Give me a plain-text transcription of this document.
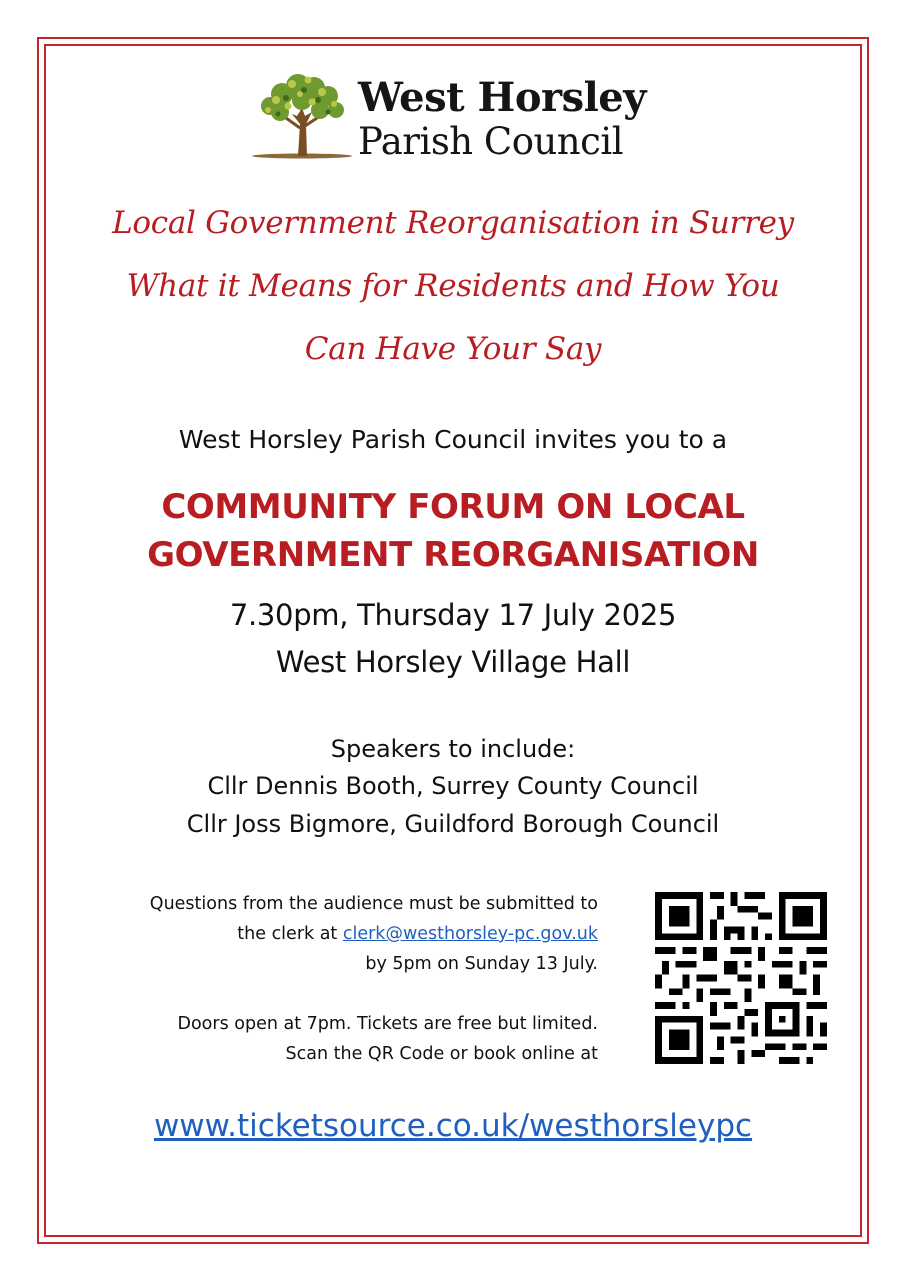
West Horsley
Parish Council
Local Government Reorganisation in Surrey
What it Means for Residents and How You
Can Have Your Say
West Horsley Parish Council invites you to a
COMMUNITY FORUM ON LOCAL
GOVERNMENT REORGANISATION
7.30pm, Thursday 17 July 2025
West Horsley Village Hall
Speakers to include:
Cllr Dennis Booth, Surrey County Council
Cllr Joss Bigmore, Guildford Borough Council
Questions from the audience must be submitted to
the clerk at clerk@westhorsley-pc.gov.uk
by 5pm on Sunday 13 July.
Doors open at 7pm. Tickets are free but limited.
Scan the QR Code or book online at
www.ticketsource.co.uk/westhorsleypc
